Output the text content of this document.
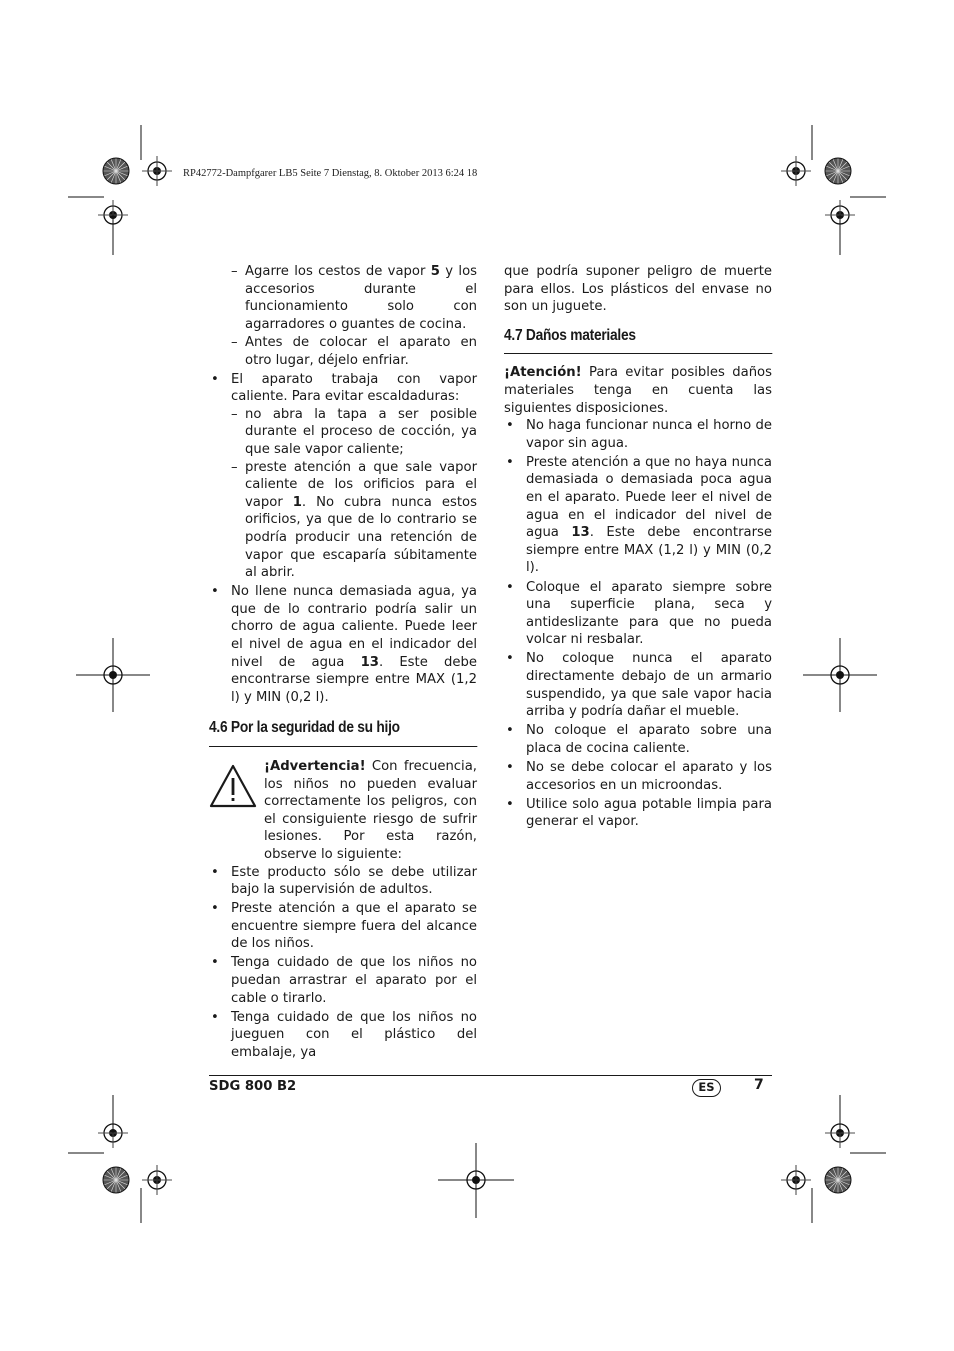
RP42772-Dampfgarer LB5 Seite 7 Dienstag, 8. Oktober 2013 6:24 18

– Agarre los cestos de vapor 5 y los accesorios durante el funcionamiento solo con agarradores o guantes de cocina.

– Antes de colocar el aparato en otro lugar, déjelo enfriar.

• El aparato trabaja con vapor caliente. Para evitar escaldaduras:

– no abra la tapa a ser posible durante el proceso de cocción, ya que sale vapor caliente;

– preste atención a que sale vapor caliente de los orificios para el vapor 1. No cubra nunca estos orificios, ya que de lo contrario se podría producir una retención de vapor que escaparía súbitamente al abrir.

• No llene nunca demasiada agua, ya que de lo contrario podría salir un chorro de agua caliente. Puede leer el nivel de agua en el indicador del nivel de agua 13. Este debe encontrarse siempre entre MAX (1,2 l) y MIN (0,2 l).

4.6 Por la seguridad de su hijo

¡Advertencia! Con frecuencia, los niños no pueden evaluar correctamente los peligros, con el consiguiente riesgo de sufrir lesiones. Por esta razón, observe lo siguiente:

• Este producto sólo se debe utilizar bajo la supervisión de adultos.

• Preste atención a que el aparato se encuentre siempre fuera del alcance de los niños.

• Tenga cuidado de que los niños no puedan arrastrar el aparato por el cable o tirarlo.

• Tenga cuidado de que los niños no jueguen con el plástico del embalaje, ya

que podría suponer peligro de muerte para ellos. Los plásticos del envase no son un juguete.

4.7 Daños materiales

¡Atención! Para evitar posibles daños materiales tenga en cuenta las siguientes disposiciones.

• No haga funcionar nunca el horno de vapor sin agua.

• Preste atención a que no haya nunca demasiada o demasiada poca agua en el aparato. Puede leer el nivel de agua en el indicador del nivel de agua 13. Este debe encontrarse siempre entre MAX (1,2 l) y MIN (0,2 l).

• Coloque el aparato siempre sobre una superficie plana, seca y antideslizante para que no pueda volcar ni resbalar.

• No coloque nunca el aparato directamente debajo de un armario suspendido, ya que sale vapor hacia arriba y podría dañar el mueble.

• No coloque el aparato sobre una placa de cocina caliente.

• No se debe colocar el aparato y los accesorios en un microondas.

• Utilice solo agua potable limpia para generar el vapor.

SDG 800 B2	ES	7
